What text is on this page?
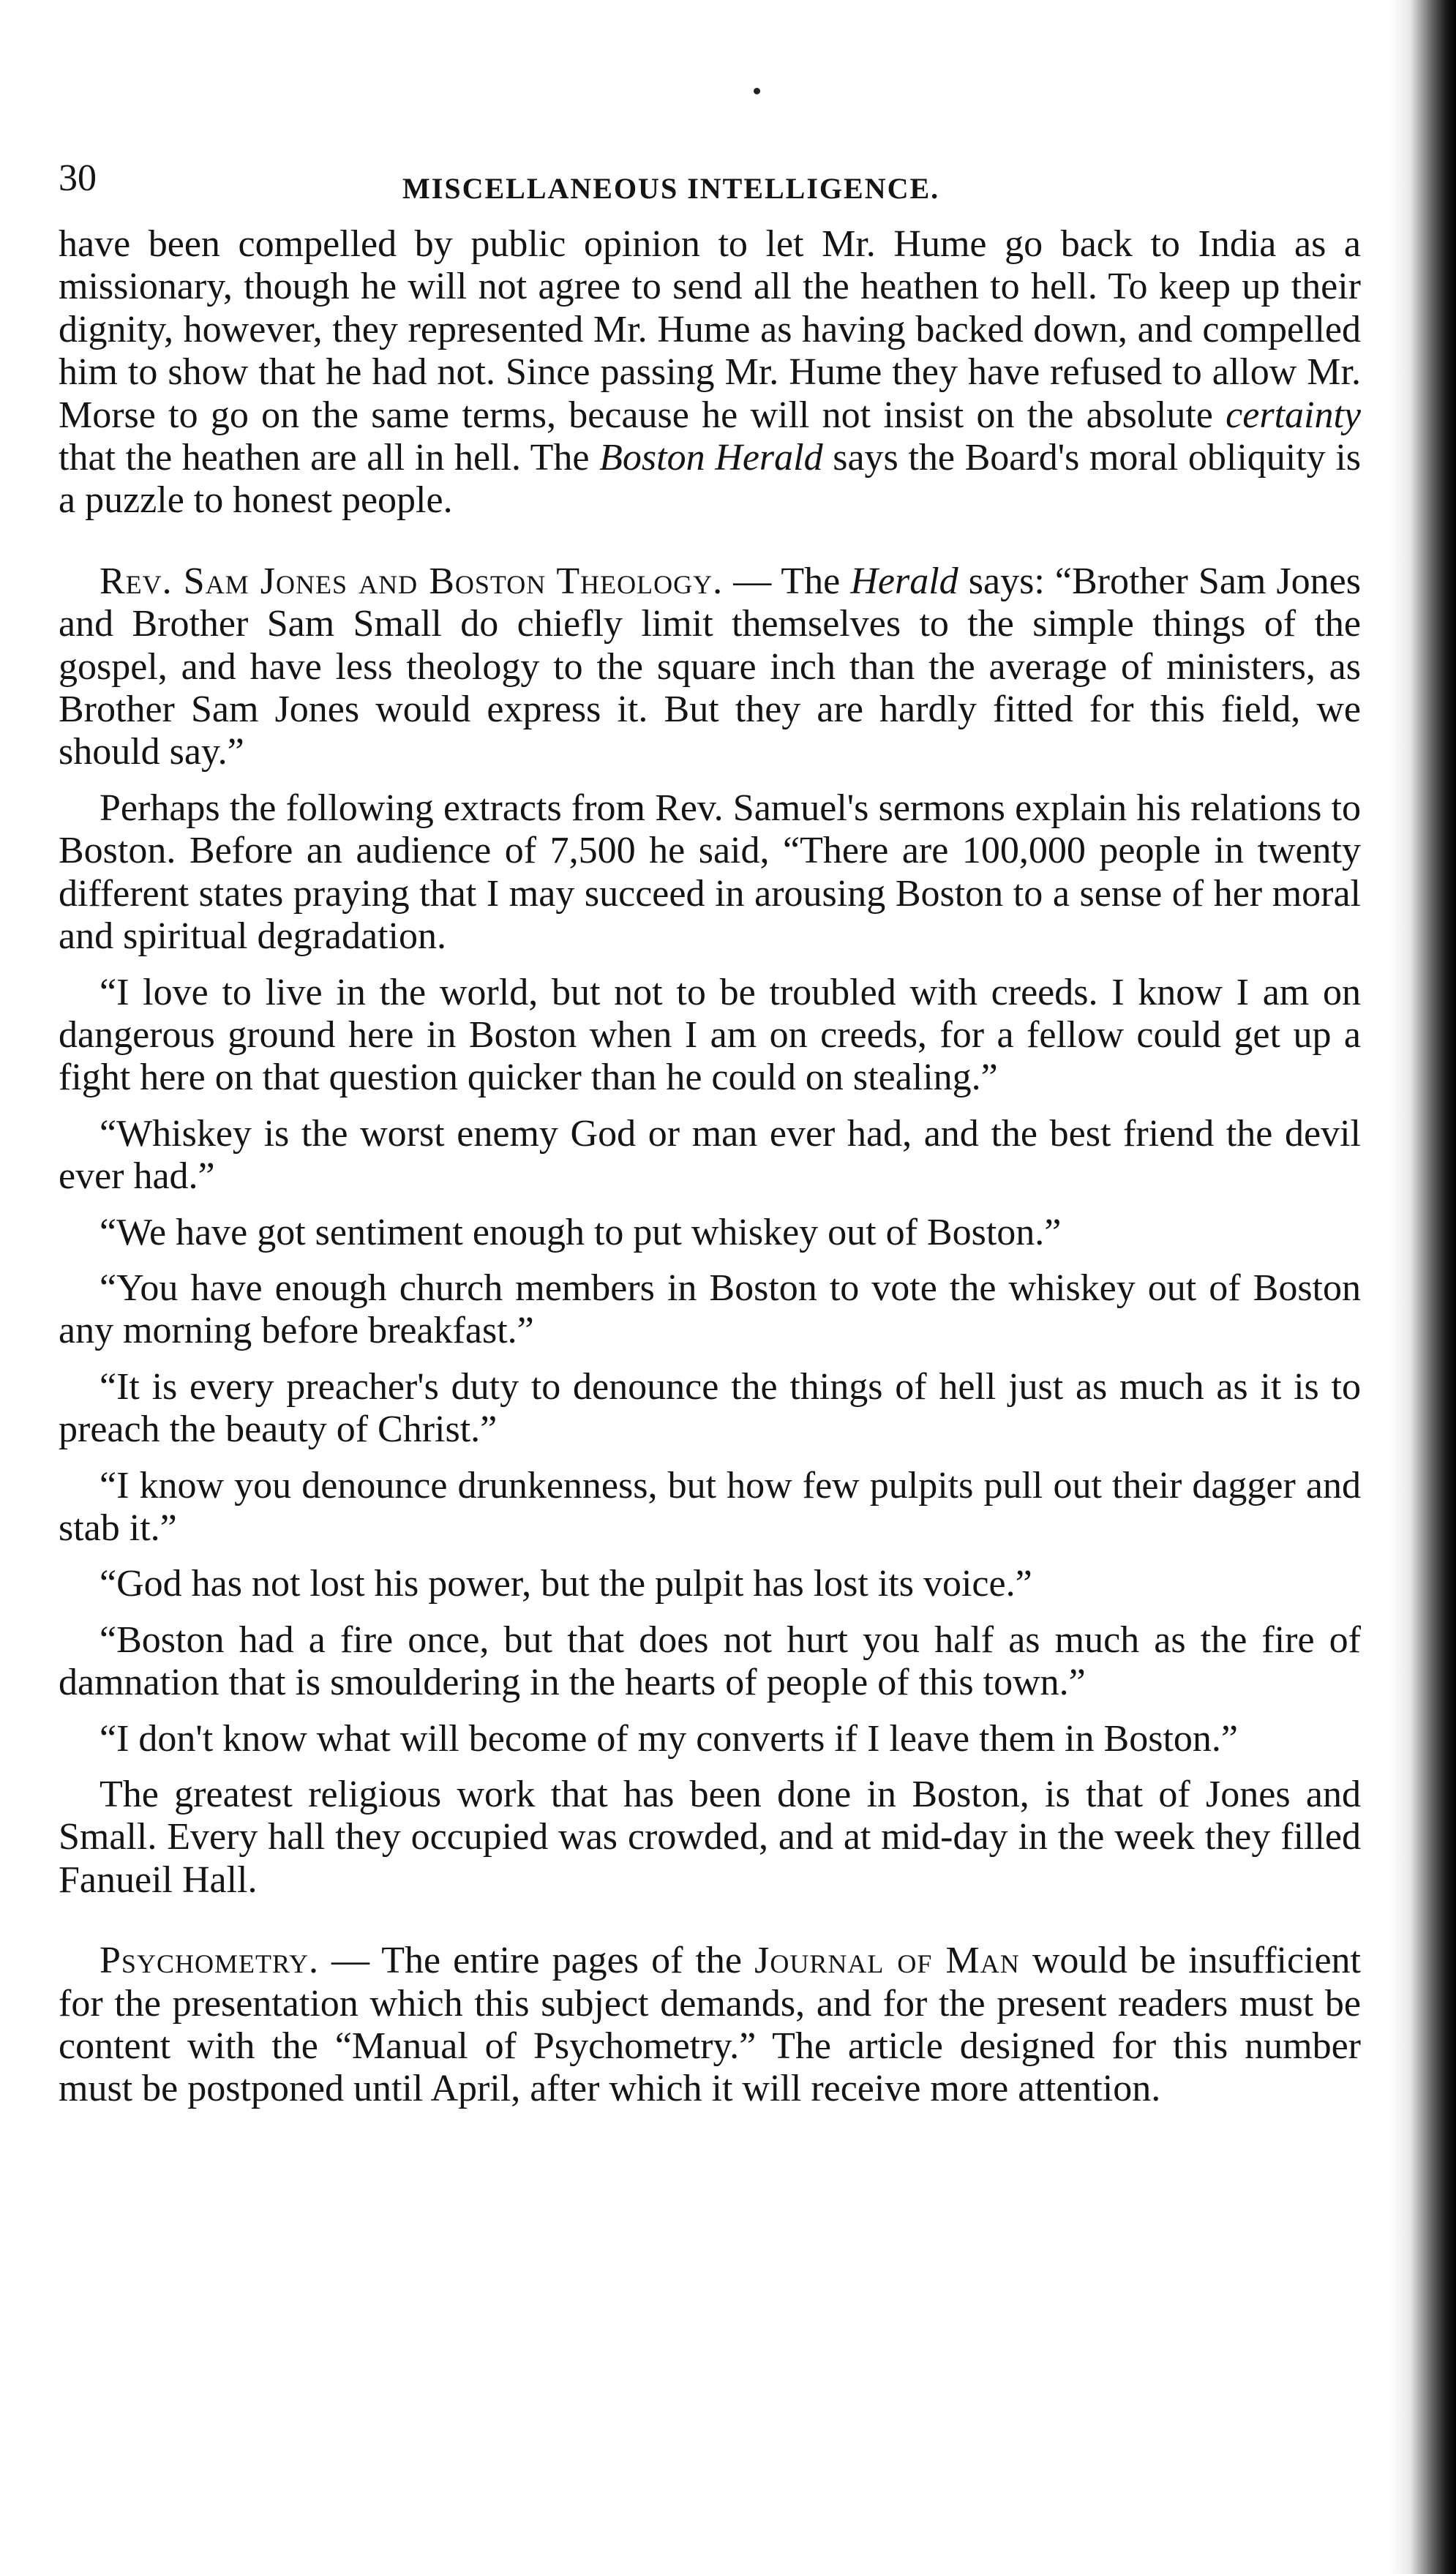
30	MISCELLANEOUS INTELLIGENCE.

have been compelled by public opinion to let Mr. Hume go back to India as a missionary, though he will not agree to send all the heathen to hell. To keep up their dignity, however, they represented Mr. Hume as having backed down, and compelled him to show that he had not. Since passing Mr. Hume they have refused to allow Mr. Morse to go on the same terms, because he will not insist on the absolute certainty that the heathen are all in hell. The Boston Herald says the Board's moral obliquity is a puzzle to honest people.

Rev. Sam Jones and Boston Theology. — The Herald says: “Brother Sam Jones and Brother Sam Small do chiefly limit themselves to the simple things of the gospel, and have less theology to the square inch than the average of ministers, as Brother Sam Jones would express it. But they are hardly fitted for this field, we should say.”

Perhaps the following extracts from Rev. Samuel's sermons explain his relations to Boston. Before an audience of 7,500 he said, “There are 100,000 people in twenty different states praying that I may succeed in arousing Boston to a sense of her moral and spiritual degradation.

“I love to live in the world, but not to be troubled with creeds. I know I am on dangerous ground here in Boston when I am on creeds, for a fellow could get up a fight here on that question quicker than he could on stealing.”

“Whiskey is the worst enemy God or man ever had, and the best friend the devil ever had.”

“We have got sentiment enough to put whiskey out of Boston.”

“You have enough church members in Boston to vote the whiskey out of Boston any morning before breakfast.”

“It is every preacher's duty to denounce the things of hell just as much as it is to preach the beauty of Christ.”

“I know you denounce drunkenness, but how few pulpits pull out their dagger and stab it.”

“God has not lost his power, but the pulpit has lost its voice.”

“Boston had a fire once, but that does not hurt you half as much as the fire of damnation that is smouldering in the hearts of people of this town.”

“I don't know what will become of my converts if I leave them in Boston.”

The greatest religious work that has been done in Boston, is that of Jones and Small. Every hall they occupied was crowded, and at mid-day in the week they filled Fanueil Hall.

Psychometry. — The entire pages of the Journal of Man would be insufficient for the presentation which this subject demands, and for the present readers must be content with the “Manual of Psychometry.” The article designed for this number must be postponed until April, after which it will receive more attention.
